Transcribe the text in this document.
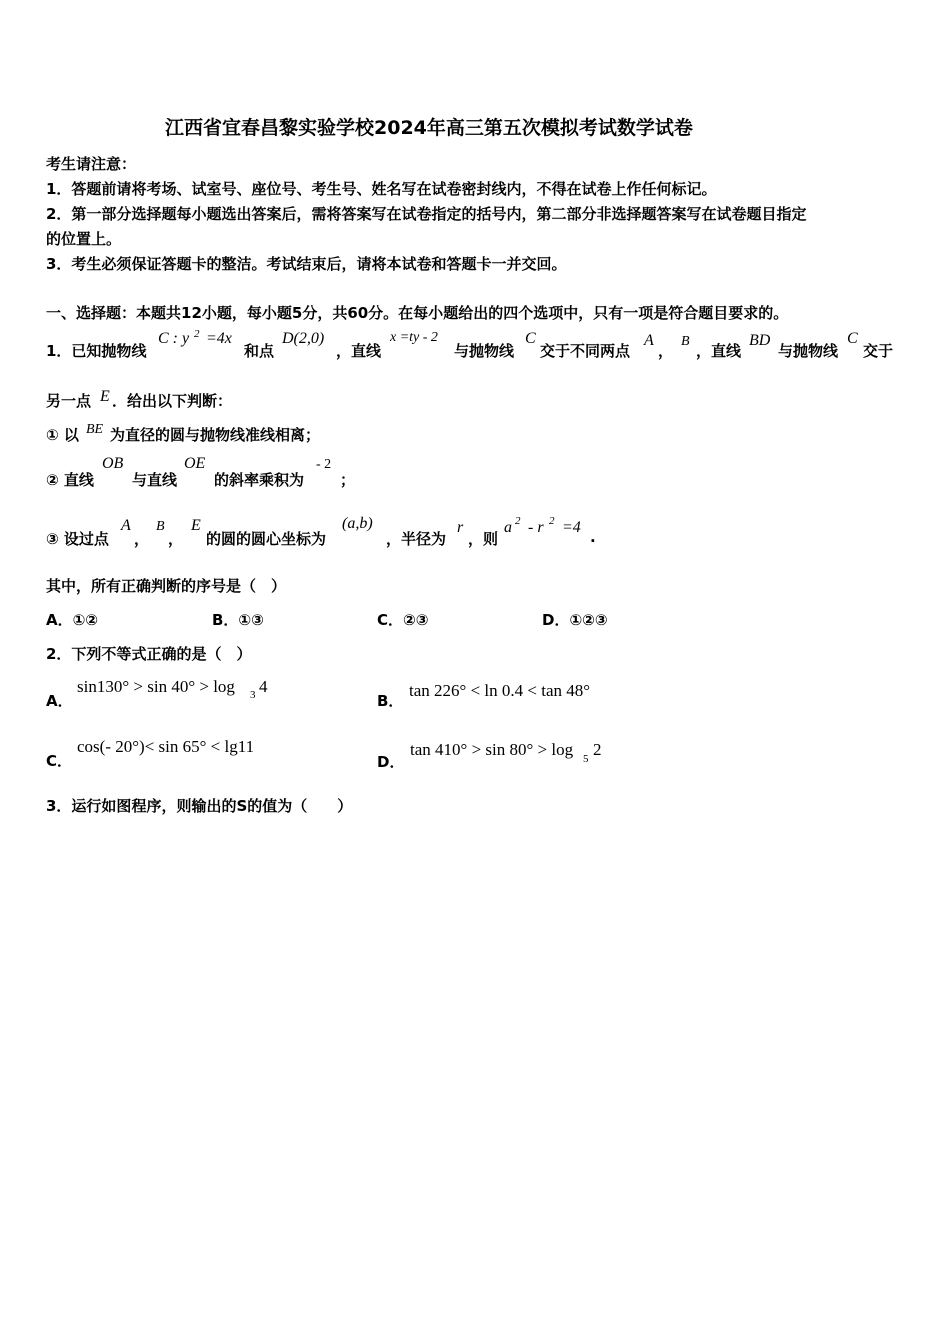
江西省宜春昌黎实验学校2024年高三第五次模拟考试数学试卷
考生请注意：
1．答题前请将考场、试室号、座位号、考生号、姓名写在试卷密封线内，不得在试卷上作任何标记。
2．第一部分选择题每小题选出答案后，需将答案写在试卷指定的括号内，第二部分非选择题答案写在试卷题目指定
的位置上。
3．考生必须保证答题卡的整洁。考试结束后，请将本试卷和答题卡一并交回。
一、选择题：本题共12小题，每小题5分，共60分。在每小题给出的四个选项中，只有一项是符合题目要求的。
1．已知抛物线
C : y 2 =4x
和点
D(2,0)
，直线
x =ty - 2
与抛物线
C
交于不同两点
A
，
B
，直线
BD
与抛物线
C
交于
另一点 E ．给出以下判断：
① 以 BE 为直径的圆与抛物线准线相离；
② 直线
OB
与直线
OE
的斜率乘积为
- 2
；
③ 设过点
A
，
B
，
E
的圆的圆心坐标为
(a,b)
，半径为
r
，则
a 2 - r 2 =4
.
其中，所有正确判断的序号是（　）
A．①②	B．①③	C．②③	D．①②③
2．下列不等式正确的是（　）
A．
sin130° > sin 40° > log 3 4
B．
tan 226° < ln 0.4 < tan 48°
C．
cos(- 20°)< sin 65° < lg11
D．
tan 410° > sin 80° > log 5 2
3．运行如图程序，则输出的S的值为（　　）
